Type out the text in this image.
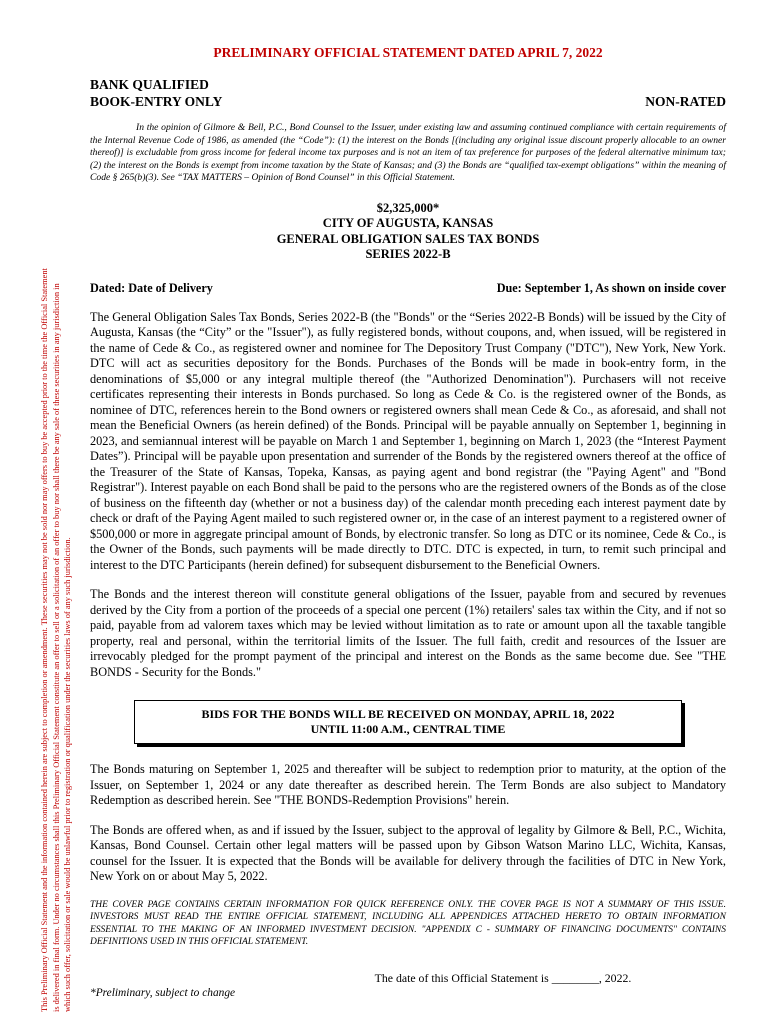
This Preliminary Official Statement and the information contained herein are subject to completion or amendment. These securities may not be sold nor may offers to buy be accepted prior to the time the Official Statement is delivered in final form. Under no circumstances shall this Preliminary Official Statement constitute an offer to sell or a solicitation of an offer to buy nor shall there be any sale of these securities in any jurisdiction in which such offer, solicitation or sale would be unlawful prior to registration or qualification under the securities laws of any such jurisdiction.
PRELIMINARY OFFICIAL STATEMENT DATED APRIL 7, 2022
BANK QUALIFIED
BOOK-ENTRY ONLY	NON-RATED

In the opinion of Gilmore & Bell, P.C., Bond Counsel to the Issuer, under existing law and assuming continued compliance with certain requirements of the Internal Revenue Code of 1986, as amended (the “Code”): (1) the interest on the Bonds [(including any original issue discount properly allocable to an owner thereof)] is excludable from gross income for federal income tax purposes and is not an item of tax preference for purposes of the federal alternative minimum tax; (2) the interest on the Bonds is exempt from income taxation by the State of Kansas; and (3) the Bonds are “qualified tax-exempt obligations” within the meaning of Code § 265(b)(3). See “TAX MATTERS – Opinion of Bond Counsel” in this Official Statement.

$2,325,000*
CITY OF AUGUSTA, KANSAS
GENERAL OBLIGATION SALES TAX BONDS
SERIES 2022-B
Dated: Date of Delivery	Due: September 1, As shown on inside cover

The General Obligation Sales Tax Bonds, Series 2022-B (the "Bonds" or the “Series 2022-B Bonds) will be issued by the City of Augusta, Kansas (the “City” or the "Issuer"), as fully registered bonds, without coupons, and, when issued, will be registered in the name of Cede & Co., as registered owner and nominee for The Depository Trust Company ("DTC"), New York, New York. DTC will act as securities depository for the Bonds. Purchases of the Bonds will be made in book-entry form, in the denominations of $5,000 or any integral multiple thereof (the "Authorized Denomination"). Purchasers will not receive certificates representing their interests in Bonds purchased. So long as Cede & Co. is the registered owner of the Bonds, as nominee of DTC, references herein to the Bond owners or registered owners shall mean Cede & Co., as aforesaid, and shall not mean the Beneficial Owners (as herein defined) of the Bonds. Principal will be payable annually on September 1, beginning in 2023, and semiannual interest will be payable on March 1 and September 1, beginning on March 1, 2023 (the “Interest Payment Dates”). Principal will be payable upon presentation and surrender of the Bonds by the registered owners thereof at the office of the Treasurer of the State of Kansas, Topeka, Kansas, as paying agent and bond registrar (the "Paying Agent" and "Bond Registrar"). Interest payable on each Bond shall be paid to the persons who are the registered owners of the Bonds as of the close of business on the fifteenth day (whether or not a business day) of the calendar month preceding each interest payment date by check or draft of the Paying Agent mailed to such registered owner or, in the case of an interest payment to a registered owner of $500,000 or more in aggregate principal amount of Bonds, by electronic transfer. So long as DTC or its nominee, Cede & Co., is the Owner of the Bonds, such payments will be made directly to DTC. DTC is expected, in turn, to remit such principal and interest to the DTC Participants (herein defined) for subsequent disbursement to the Beneficial Owners.

The Bonds and the interest thereon will constitute general obligations of the Issuer, payable from and secured by revenues derived by the City from a portion of the proceeds of a special one percent (1%) retailers' sales tax within the City, and if not so paid, payable from ad valorem taxes which may be levied without limitation as to rate or amount upon all the taxable tangible property, real and personal, within the territorial limits of the Issuer. The full faith, credit and resources of the Issuer are irrevocably pledged for the prompt payment of the principal and interest on the Bonds as the same become due. See "THE BONDS - Security for the Bonds."

BIDS FOR THE BONDS WILL BE RECEIVED ON MONDAY, APRIL 18, 2022
UNTIL 11:00 A.M., CENTRAL TIME

The Bonds maturing on September 1, 2025 and thereafter will be subject to redemption prior to maturity, at the option of the Issuer, on September 1, 2024 or any date thereafter as described herein. The Term Bonds are also subject to Mandatory Redemption as described herein. See "THE BONDS-Redemption Provisions" herein.

The Bonds are offered when, as and if issued by the Issuer, subject to the approval of legality by Gilmore & Bell, P.C., Wichita, Kansas, Bond Counsel. Certain other legal matters will be passed upon by Gibson Watson Marino LLC, Wichita, Kansas, counsel for the Issuer. It is expected that the Bonds will be available for delivery through the facilities of DTC in New York, New York on or about May 5, 2022.

THE COVER PAGE CONTAINS CERTAIN INFORMATION FOR QUICK REFERENCE ONLY. THE COVER PAGE IS NOT A SUMMARY OF THIS ISSUE. INVESTORS MUST READ THE ENTIRE OFFICIAL STATEMENT, INCLUDING ALL APPENDICES ATTACHED HERETO TO OBTAIN INFORMATION ESSENTIAL TO THE MAKING OF AN INFORMED INVESTMENT DECISION. "APPENDIX C - SUMMARY OF FINANCING DOCUMENTS" CONTAINS DEFINITIONS USED IN THIS OFFICIAL STATEMENT.

The date of this Official Statement is ________, 2022.
*Preliminary, subject to change
